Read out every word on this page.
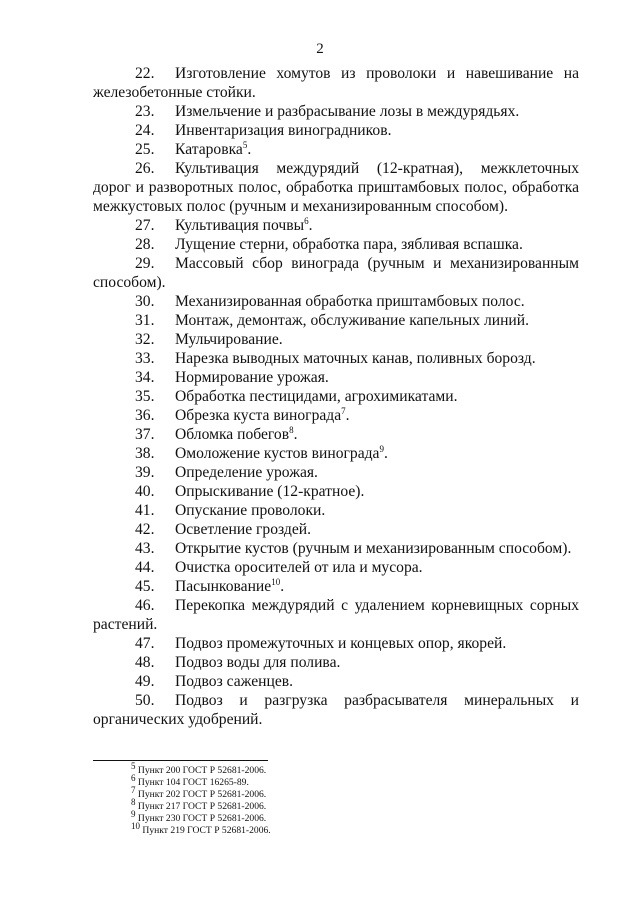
2

22. Изготовление хомутов из проволоки и навешивание на железобетонные стойки.

23. Измельчение и разбрасывание лозы в междурядьях.

24. Инвентаризация виноградников.

25. Катаровка$^5$.

26. Культивация междурядий (12-кратная), межклеточных дорог и разворотных полос, обработка приштамбовых полос, обработка межкустовых полос (ручным и механизированным способом).

27. Культивация почвы$^6$.

28. Лущение стерни, обработка пара, зябливая вспашка.

29. Массовый сбор винограда (ручным и механизированным способом).

30. Механизированная обработка приштамбовых полос.

31. Монтаж, демонтаж, обслуживание капельных линий.

32. Мульчирование.

33. Нарезка выводных маточных канав, поливных борозд.

34. Нормирование урожая.

35. Обработка пестицидами, агрохимикатами.

36. Обрезка куста винограда$^7$.

37. Обломка побегов$^8$.

38. Омоложение кустов винограда$^9$.

39. Определение урожая.

40. Опрыскивание (12-кратное).

41. Опускание проволоки.

42. Осветление гроздей.

43. Открытие кустов (ручным и механизированным способом).

44. Очистка оросителей от ила и мусора.

45. Пасынкование$^{10}$.

46. Перекопка междурядий с удалением корневищных сорных растений.

47. Подвоз промежуточных и концевых опор, якорей.

48. Подвоз воды для полива.

49. Подвоз саженцев.

50. Подвоз и разгрузка разбрасывателя минеральных и органических удобрений.

$^5$ Пункт 200 ГОСТ Р 52681-2006.

$^6$ Пункт 104 ГОСТ 16265-89.

$^7$ Пункт 202 ГОСТ Р 52681-2006.

$^8$ Пункт 217 ГОСТ Р 52681-2006.

$^9$ Пункт 230 ГОСТ Р 52681-2006.

$^{10}$ Пункт 219 ГОСТ Р 52681-2006.
